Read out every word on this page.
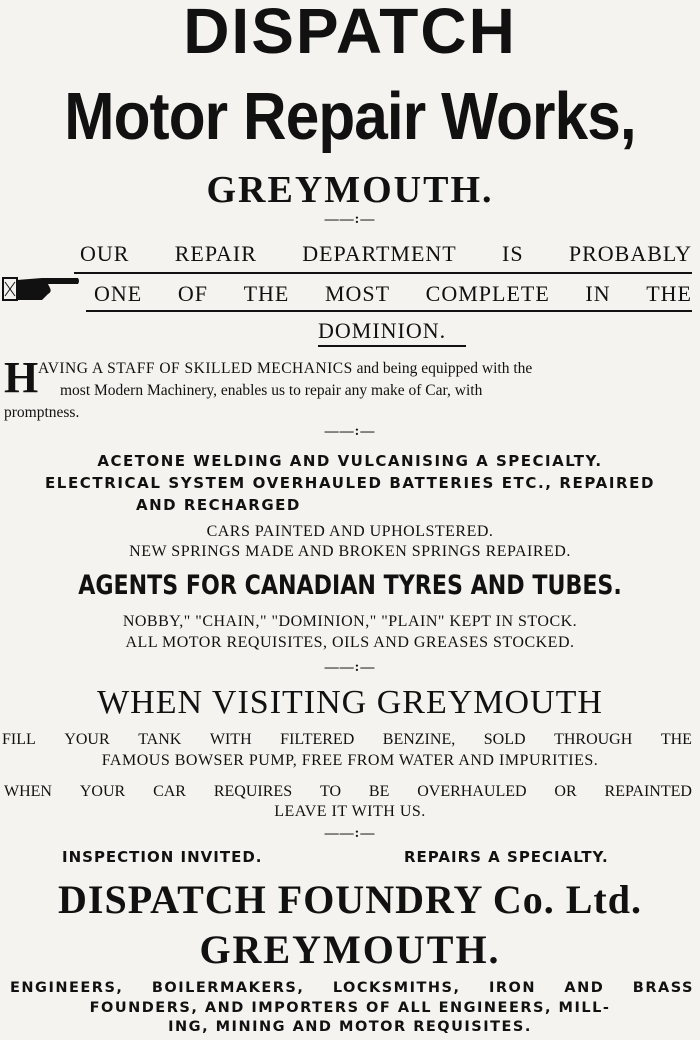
DISPATCH
Motor Repair Works,
GREYMOUTH.
——:—
OUR REPAIR DEPARTMENT IS PROBABLY
ONE OF THE MOST COMPLETE IN THE
DOMINION.
H AVING A STAFF OF SKILLED MECHANICS and being equipped with the
most Modern Machinery, enables us to repair any make of Car, with
promptness.
——:—
ACETONE WELDING AND VULCANISING A SPECIALTY.
ELECTRICAL SYSTEM OVERHAULED BATTERIES ETC., REPAIRED
AND RECHARGED
CARS PAINTED AND UPHOLSTERED.
NEW SPRINGS MADE AND BROKEN SPRINGS REPAIRED.
AGENTS FOR CANADIAN TYRES AND TUBES.
NOBBY," "CHAIN," "DOMINION," "PLAIN" KEPT IN STOCK.
ALL MOTOR REQUISITES, OILS AND GREASES STOCKED.
——:—
WHEN VISITING GREYMOUTH
FILL YOUR TANK WITH FILTERED BENZINE, SOLD THROUGH THE
FAMOUS BOWSER PUMP, FREE FROM WATER AND IMPURITIES.
WHEN YOUR CAR REQUIRES TO BE OVERHAULED OR REPAINTED
LEAVE IT WITH US.
——:—
INSPECTION INVITED.	REPAIRS A SPECIALTY.
DISPATCH FOUNDRY Co. Ltd.
GREYMOUTH.
ENGINEERS, BOILERMAKERS, LOCKSMITHS, IRON AND BRASS
FOUNDERS, AND IMPORTERS OF ALL ENGINEERS, MILL-
ING, MINING AND MOTOR REQUISITES.
